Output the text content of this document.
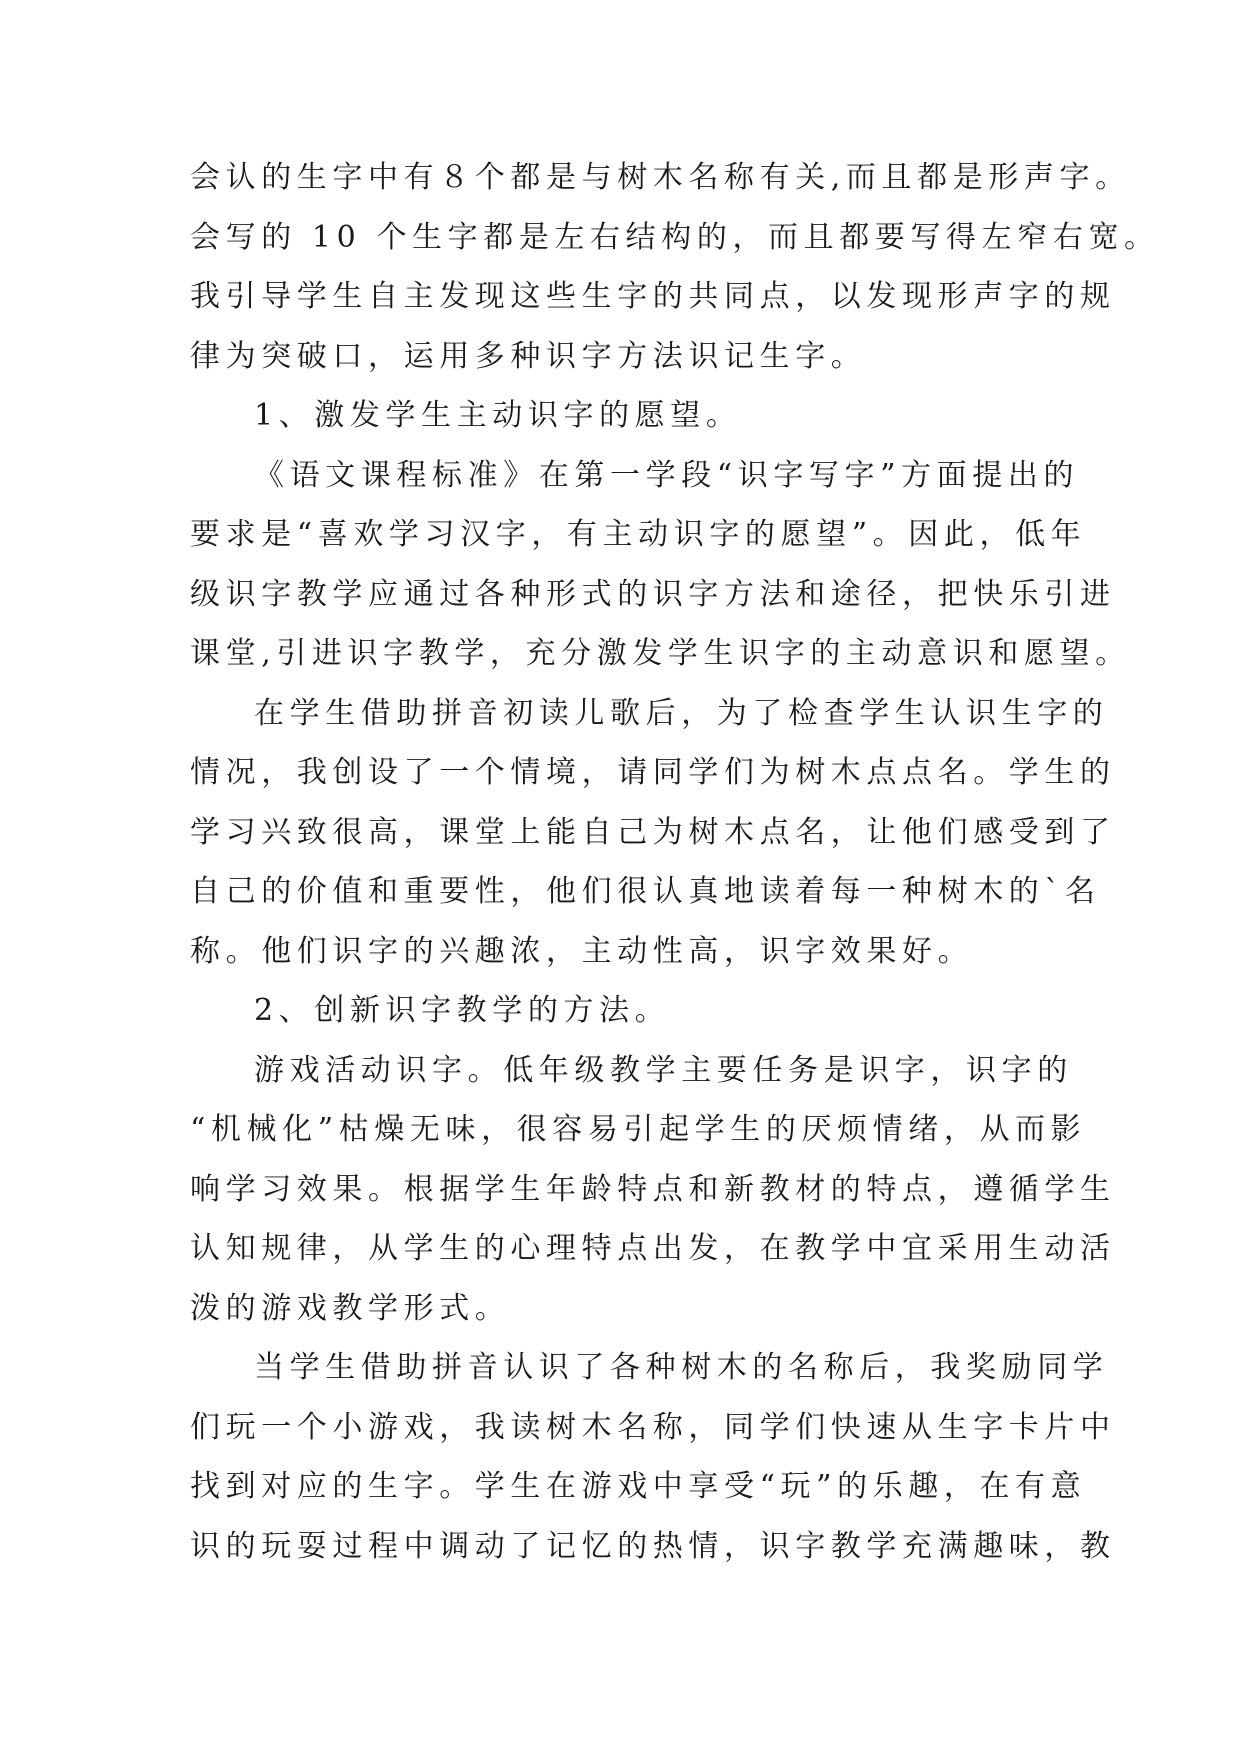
会认的生字中有８个都是与树木名称有关,而且都是形声字。
会写的 10 个生字都是左右结构的，而且都要写得左窄右宽。
我引导学生自主发现这些生字的共同点，以发现形声字的规
律为突破口，运用多种识字方法识记生字。
1、激发学生主动识字的愿望。
《语文课程标准》在第一学段“识字写字”方面提出的
要求是“喜欢学习汉字，有主动识字的愿望”。因此，低年
级识字教学应通过各种形式的识字方法和途径，把快乐引进
课堂,引进识字教学，充分激发学生识字的主动意识和愿望。
在学生借助拼音初读儿歌后，为了检查学生认识生字的
情况，我创设了一个情境，请同学们为树木点点名。学生的
学习兴致很高，课堂上能自己为树木点名，让他们感受到了
自己的价值和重要性，他们很认真地读着每一种树木的`名
称。他们识字的兴趣浓，主动性高，识字效果好。
2、创新识字教学的方法。
游戏活动识字。低年级教学主要任务是识字，识字的
“机械化”枯燥无味，很容易引起学生的厌烦情绪，从而影
响学习效果。根据学生年龄特点和新教材的特点，遵循学生
认知规律，从学生的心理特点出发，在教学中宜采用生动活
泼的游戏教学形式。
当学生借助拼音认识了各种树木的名称后，我奖励同学
们玩一个小游戏，我读树木名称，同学们快速从生字卡片中
找到对应的生字。学生在游戏中享受“玩”的乐趣，在有意
识的玩耍过程中调动了记忆的热情，识字教学充满趣味，教
